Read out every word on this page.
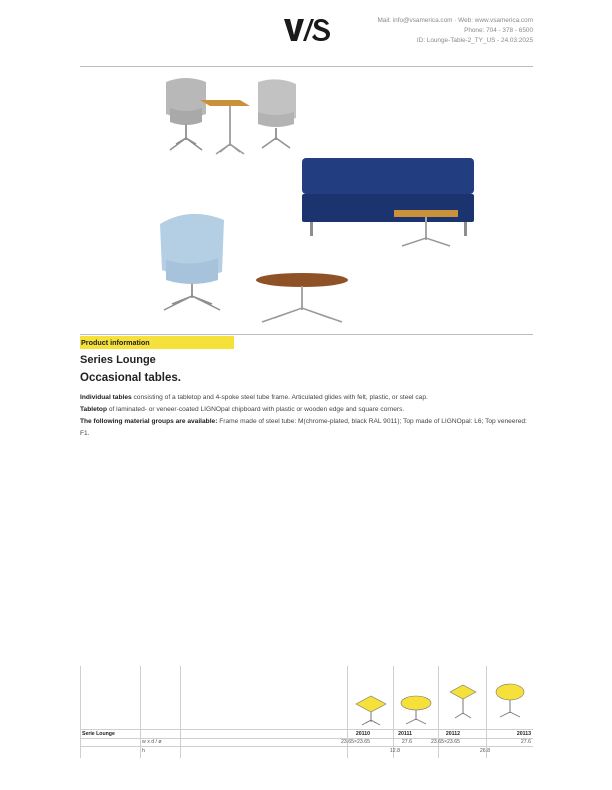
Mail: info@vsamerica.com · Web: www.vsamerica.com
Phone: 704 - 378 - 6500
ID: Lounge-Table-2_TY_US - 24.03.2025
Product information
Series Lounge
Occasional tables.
Individual tables consisting of a tabletop and 4-spoke steel tube frame. Articulated glides with felt, plastic, or steel cap.
Tabletop of laminated- or veneer-coated LIGNOpal chipboard with plastic or wooden edge and square corners.
The following material groups are available: Frame made of steel tube: M(chrome-plated, black RAL 9011); Top made of LIGNOpal: L6; Top veneered: F1.
Serie Lounge	20110	20111	20112	20113
w x d / ø	23.65×23.65	27.6	23.65×23.65	27.6
h	12.8	26.8
